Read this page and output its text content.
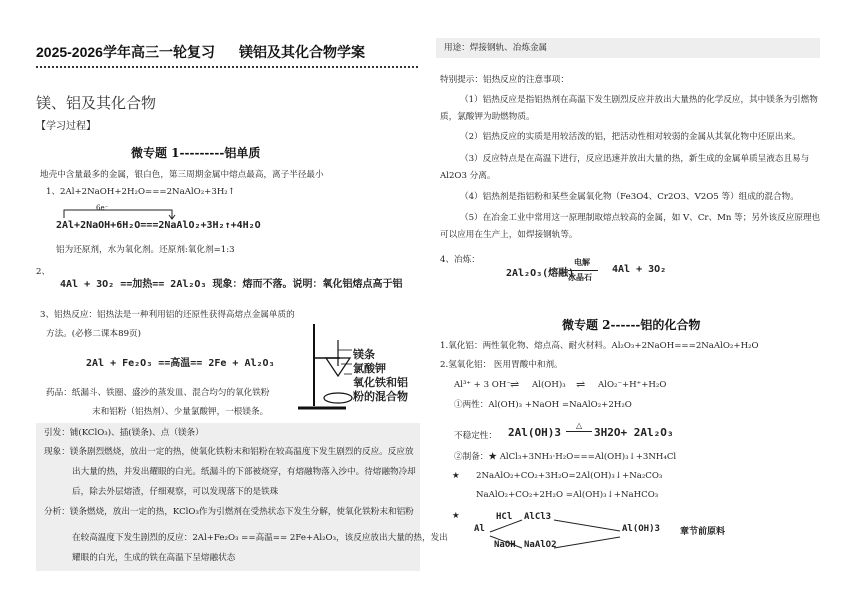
2025-2026学年高三一轮复习 镁铝及其化合物学案
镁、铝及其化合物
【学习过程】
微专题 1---------铝单质
地壳中含量最多的金属，银白色，第三周期金属中熔点最高，离子半径最小
1、2Al+2NaOH+2H₂O===2NaAlO₂+3H₂↑
6e⁻
2Al+2NaOH+6H₂O===2NaAlO₂+3H₂↑+4H₂O
铝为还原剂，水为氧化剂。还原剂:氧化剂=1:3
2、
4Al + 3O₂ ==加热== 2Al₂O₃ 现象：熔而不落。说明：氧化铝熔点高于铝
3、铝热反应：铝热法是一种利用铝的还原性获得高熔点金属单质的
方法。(必修二课本89页)
2Al + Fe₂O₃ ==高温== 2Fe + Al₂O₃
镁条
氯酸钾
氧化铁和铝
粉的混合物
药品：纸漏斗、铁圈、盛沙的蒸发皿、混合均匀的氧化铁粉
末和铝粉（铝热剂）、少量氯酸钾，一根镁条。
引发：铺(KClO₃)、插(镁条)、点（镁条）
现象：镁条剧烈燃烧，放出一定的热，使氧化铁粉末和铝粉在较高温度下发生剧烈的反应。反应放
出大量的热，并发出耀眼的白光。纸漏斗的下部被烧穿，有熔融物落入沙中。待熔融物冷却
后，除去外层熔渣，仔细观察，可以发现落下的是铁珠
分析：镁条燃烧，放出一定的热，KClO₃作为引燃剂在受热状态下发生分解，使氧化铁粉末和铝粉
在较高温度下发生剧烈的反应：2Al+Fe₂O₃ ==高温== 2Fe+Al₂O₃，该反应放出大量的热，发出
耀眼的白光，生成的铁在高温下呈熔融状态
用途：焊接钢轨、冶炼金属
特别提示：铝热反应的注意事项：
（1）铝热反应是指铝热剂在高温下发生剧烈反应并放出大量热的化学反应，其中镁条为引燃物
质，氯酸钾为助燃物质。
（2）铝热反应的实质是用较活泼的铝，把活动性相对较弱的金属从其氧化物中还原出来。
（3）反应特点是在高温下进行，反应迅速并放出大量的热，新生成的金属单质呈液态且易与
Al2O3 分离。
（4）铝热剂是指铝粉和某些金属氧化物（Fe3O4、Cr2O3、V2O5 等）组成的混合物。
（5）在冶金工业中常用这一原理制取熔点较高的金属，如 V、Cr、Mn 等；另外该反应原理也
可以应用在生产上，如焊接钢轨等。
4、冶炼：
2Al₂O₃(熔融)
电解
冰晶石
4Al + 3O₂
微专题 2------铝的化合物
1.氧化铝：两性氧化物、熔点高、耐火材料。Al₂O₃+2NaOH===2NaAlO₂+H₂O
2.氢氧化铝： 医用胃酸中和剂。
Al³⁺ + 3 OH⁻ ⇌ Al(OH)₃ ⇌ AlO₂⁻+H⁺+H₂O
①两性：Al(OH)₃ +NaOH =NaAlO₂+2H₂O
不稳定性： 2Al(OH)3
△
3H2O+ 2Al₂O₃
②制备：★ AlCl₃+3NH₃·H₂O===Al(OH)₃↓+3NH₄Cl
★ 2NaAlO₂+CO₂+3H₂O=2Al(OH)₃↓+Na₂CO₃
NaAlO₂+CO₂+2H₂O =Al(OH)₃↓+NaHCO₃
★
Al
HCl AlCl3
NaOH NaAlO2
Al(OH)3 章节前原料
